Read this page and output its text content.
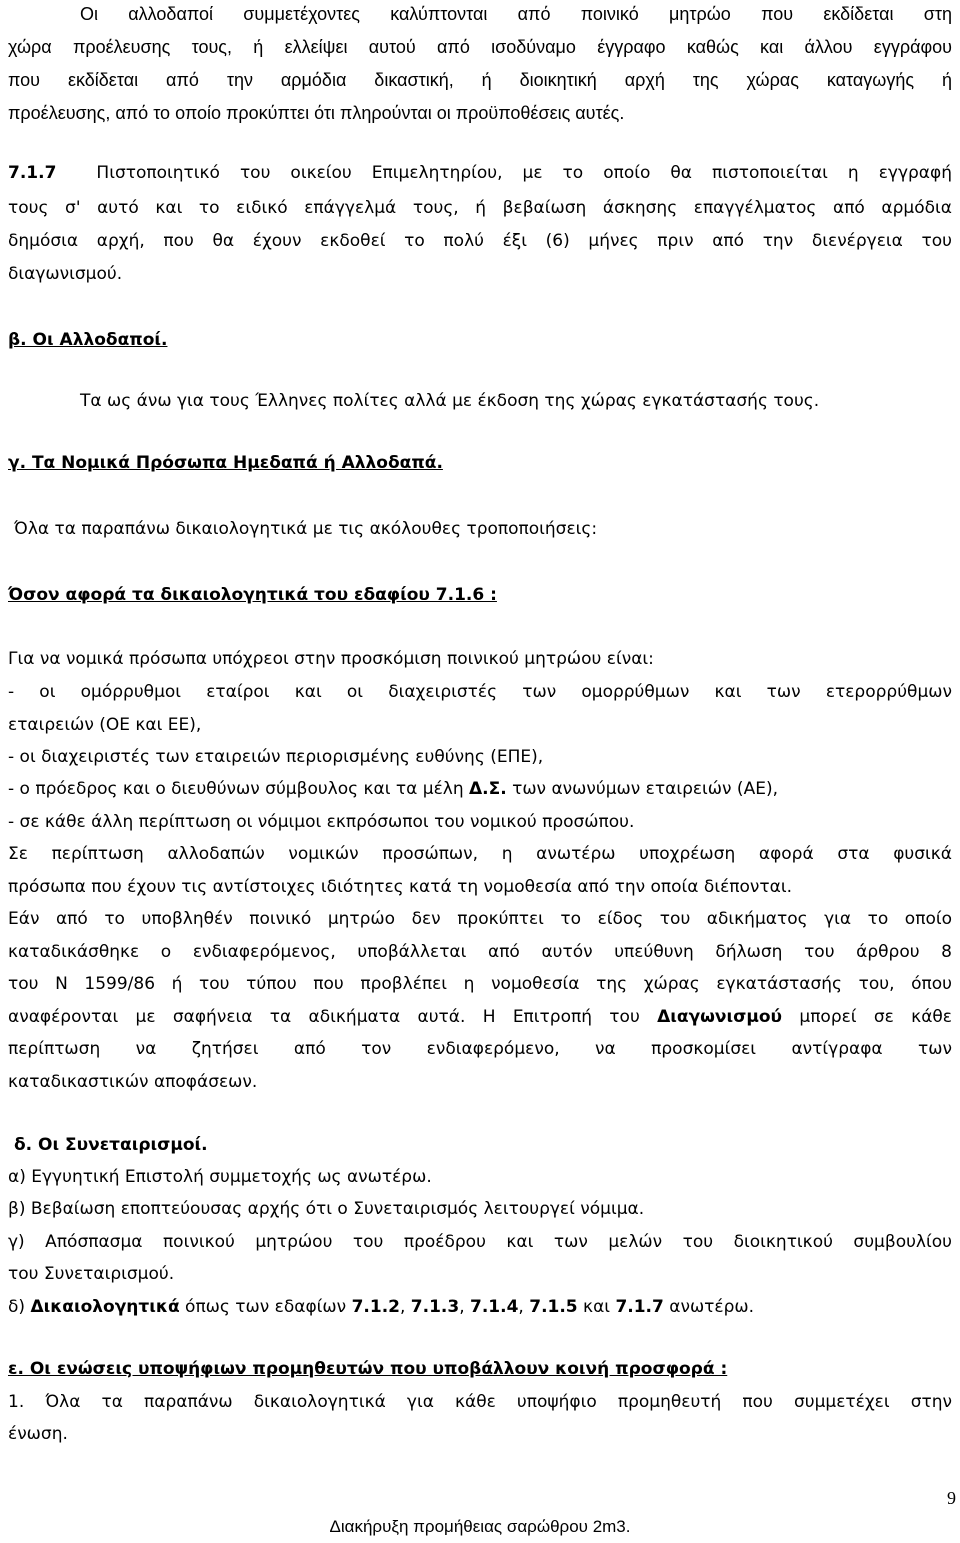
Οι αλλοδαποί συμμετέχοντες καλύπτονται από ποινικό μητρώο που εκδίδεται στη
χώρα προέλευσης τους, ή ελλείψει αυτού από ισοδύναμο έγγραφο καθώς και άλλου εγγράφου
που εκδίδεται από την αρμόδια δικαστική, ή διοικητική αρχή της χώρας καταγωγής ή
προέλευσης, από το οποίο προκύπτει ότι πληρούνται οι προϋποθέσεις αυτές.
7.1.7 Πιστοποιητικό του οικείου Επιμελητηρίου, με το οποίο θα πιστοποιείται η εγγραφή
τους σ' αυτό και το ειδικό επάγγελμά τους, ή βεβαίωση άσκησης επαγγέλματος από αρμόδια
δημόσια αρχή, που θα έχουν εκδοθεί το πολύ έξι (6) μήνες πριν από την διενέργεια του
διαγωνισμού.
β. Οι Αλλοδαποί.
Τα ως άνω για τους Έλληνες πολίτες αλλά με έκδοση της χώρας εγκατάστασής τους.
γ. Τα Νομικά Πρόσωπα Ημεδαπά ή Αλλοδαπά.
Όλα τα παραπάνω δικαιολογητικά με τις ακόλουθες τροποποιήσεις:
Όσον αφορά τα δικαιολογητικά του εδαφίου 7.1.6 :
Για να νομικά πρόσωπα υπόχρεοι στην προσκόμιση ποινικού μητρώου είναι:
- οι ομόρρυθμοι εταίροι και οι διαχειριστές των ομορρύθμων και των ετερορρύθμων
εταιρειών (ΟΕ και ΕΕ),
- οι διαχειριστές των εταιρειών περιορισμένης ευθύνης (ΕΠΕ),
- ο πρόεδρος και ο διευθύνων σύμβουλος και τα μέλη Δ.Σ. των ανωνύμων εταιρειών (ΑΕ),
- σε κάθε άλλη περίπτωση οι νόμιμοι εκπρόσωποι του νομικού προσώπου.
Σε περίπτωση αλλοδαπών νομικών προσώπων, η ανωτέρω υποχρέωση αφορά στα φυσικά
πρόσωπα που έχουν τις αντίστοιχες ιδιότητες κατά τη νομοθεσία από την οποία διέπονται.
Εάν από το υποβληθέν ποινικό μητρώο δεν προκύπτει το είδος του αδικήματος για το οποίο
καταδικάσθηκε ο ενδιαφερόμενος, υποβάλλεται από αυτόν υπεύθυνη δήλωση του άρθρου 8
του Ν 1599/86 ή του τύπου που προβλέπει η νομοθεσία της χώρας εγκατάστασής του, όπου
αναφέρονται με σαφήνεια τα αδικήματα αυτά. Η Επιτροπή του Διαγωνισμού μπορεί σε κάθε
περίπτωση να ζητήσει από τον ενδιαφερόμενο, να προσκομίσει αντίγραφα των
καταδικαστικών αποφάσεων.
δ. Οι Συνεταιρισμοί.
α) Εγγυητική Επιστολή συμμετοχής ως ανωτέρω.
β) Βεβαίωση εποπτεύουσας αρχής ότι ο Συνεταιρισμός λειτουργεί νόμιμα.
γ) Απόσπασμα ποινικού μητρώου του προέδρου και των μελών του διοικητικού συμβουλίου
του Συνεταιρισμού.
δ) Δικαιολογητικά όπως των εδαφίων 7.1.2, 7.1.3, 7.1.4, 7.1.5 και 7.1.7 ανωτέρω.
ε. Οι ενώσεις υποψήφιων προμηθευτών που υποβάλλουν κοινή προσφορά :
1. Όλα τα παραπάνω δικαιολογητικά για κάθε υποψήφιο προμηθευτή που συμμετέχει στην
ένωση.
9
Διακήρυξη προμήθειας σαρώθρου 2m3.
